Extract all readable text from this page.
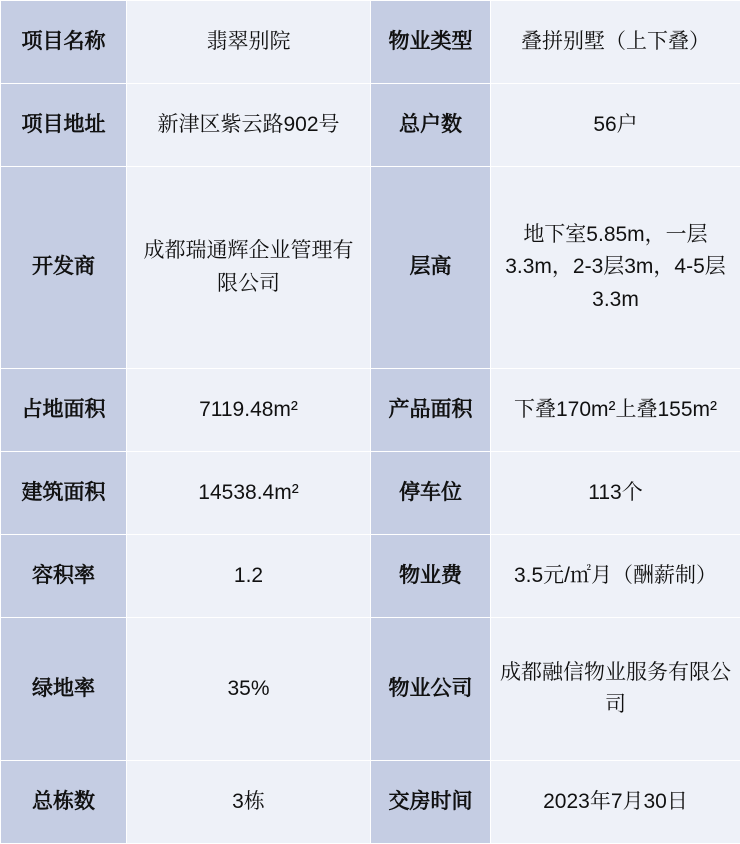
项目名称	翡翠别院	物业类型	叠拼别墅（上下叠）
项目地址	新津区紫云路902号	总户数	56户
开发商	成都瑞通辉企业管理有限公司	层高	地下室5.85m，一层3.3m，2-3层3m，4-5层3.3m
占地面积	7119.48m²	产品面积	下叠170m²上叠155m²
建筑面积	14538.4m²	停车位	113个
容积率	1.2	物业费	3.5元/㎡月（酬薪制）
绿地率	35%	物业公司	成都融信物业服务有限公司
总栋数	3栋	交房时间	2023年7月30日
